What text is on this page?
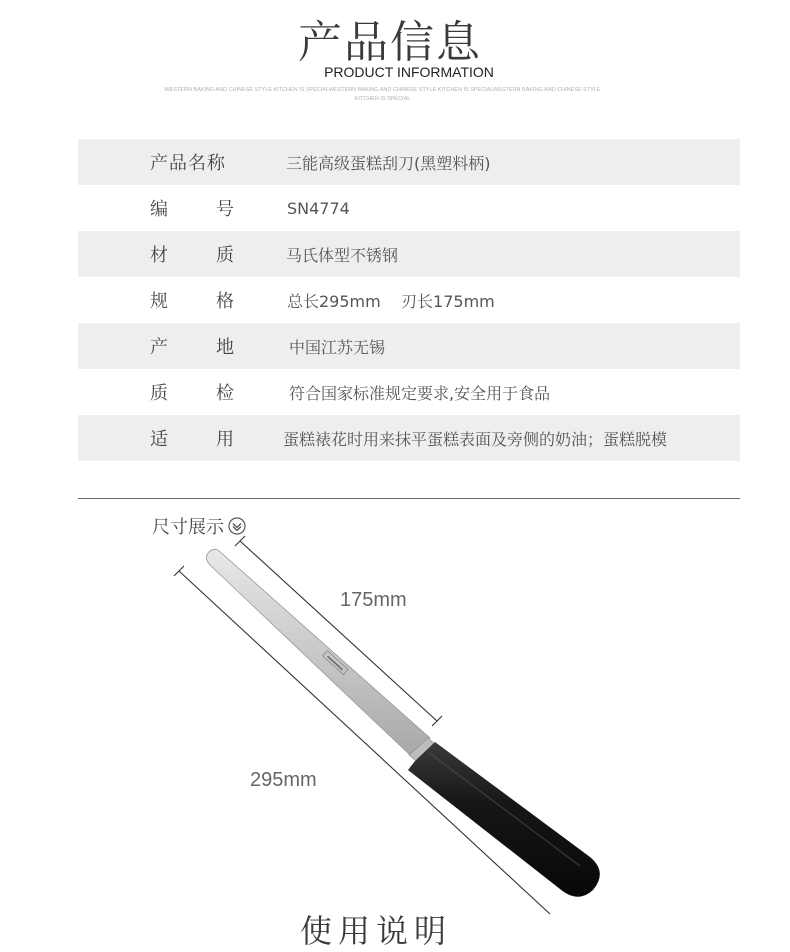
产品信息
PRODUCT INFORMATION
WESTERN BAKING AND CHINESE STYLE KITCHEN IS SPECIALWESTERN BAKING AND CHINESE STYLE KITCHEN IS SPECIALWESTERN BAKING AND CHINESE STYLE KITCHEN IS SPECIAL
产品名称	三能高级蛋糕刮刀(黑塑料柄)
编	号	SN4774
材	质	马氏体型不锈钢
规	格	总长295mm    刃长175mm
产	地	中国江苏无锡
质	检	符合国家标准规定要求,安全用于食品
适	用	蛋糕裱花时用来抹平蛋糕表面及旁侧的奶油；蛋糕脱模
尺寸展示
175mm
295mm
使用说明
